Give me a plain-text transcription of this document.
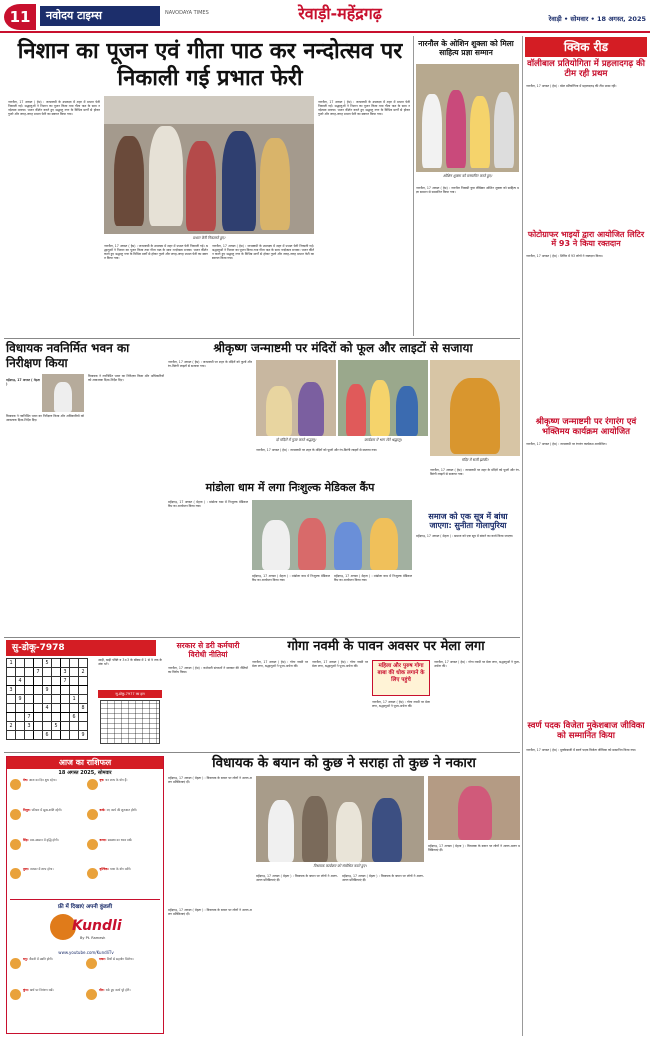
11	नवोदय टाइम्स	NAVODAYA TIMES	रेवाड़ी-महेंद्रगढ़	रेवाड़ी • सोमवार • 18 अगस्त, 2025
निशान का पूजन एवं गीता पाठ कर नन्दोत्सव पर निकाली गई प्रभात फेरी
नारनौल, 17 अगस्त ( हेप्र) : जन्माष्टमी के उपलक्ष्य में शहर में प्रभात फेरी निकाली गई। श्रद्धालुओं ने निशान का पूजन किया तथा गीता पाठ के साथ नन्दोत्सव मनाया। भजन कीर्तन करते हुए श्रद्धालु नगर के विभिन्न मार्गों से होकर गुजरे और जगह-जगह प्रभात फेरी का स्वागत किया गया।
प्रभात फेरी निकालते हुए।
नारनौल, 17 अगस्त ( हेप्र) : जन्माष्टमी के उपलक्ष्य में शहर में प्रभात फेरी निकाली गई। श्रद्धालुओं ने निशान का पूजन किया तथा गीता पाठ के साथ नन्दोत्सव मनाया। भजन कीर्तन करते हुए श्रद्धालु नगर के विभिन्न मार्गों से होकर गुजरे और जगह-जगह प्रभात फेरी का स्वागत किया गया।
नारनौल, 17 अगस्त ( हेप्र) : जन्माष्टमी के उपलक्ष्य में शहर में प्रभात फेरी निकाली गई। श्रद्धालुओं ने निशान का पूजन किया तथा गीता पाठ के साथ नन्दोत्सव मनाया। भजन कीर्तन करते हुए श्रद्धालु नगर के विभिन्न मार्गों से होकर गुजरे और जगह-जगह प्रभात फेरी का स्वागत किया गया।
नारनौल, 17 अगस्त ( हेप्र) : जन्माष्टमी के उपलक्ष्य में शहर में प्रभात फेरी निकाली गई। श्रद्धालुओं ने निशान का पूजन किया तथा गीता पाठ के साथ नन्दोत्सव मनाया। भजन कीर्तन करते हुए श्रद्धालु नगर के विभिन्न मार्गों से होकर गुजरे और जगह-जगह प्रभात फेरी का स्वागत किया गया।
नारनौल के ओशिन शुक्ला को मिला साहित्य प्रज्ञा सम्मान
ओशिन शुक्ला को सम्मानित करते हुए।
नारनौल, 17 अगस्त ( हेप्र) : नारनौल निवासी युवा लेखिका ओशिन शुक्ला को साहित्य प्रज्ञा सम्मान से सम्मानित किया गया।
क्विक रीड
वॉलीबाल प्रतियोगिता में प्रहलादगढ़ की टीम रही प्रथम
नारनौल, 17 अगस्त ( हेप्र) : खेल प्रतियोगिता में प्रहलादगढ़ की टीम प्रथम रही।
फोटोग्राफर भाइयों द्वारा आयोजित लिटिर में 93 ने किया रक्तदान
नारनौल, 17 अगस्त ( हेप्र) : शिविर में 93 लोगों ने रक्तदान किया।
श्रीकृष्ण जन्माष्टमी पर रंगारंग एवं भक्तिमय कार्यक्रम आयोजित
नारनौल, 17 अगस्त ( हेप्र) : जन्माष्टमी पर रंगारंग कार्यक्रम आयोजित।
स्वर्ण पदक विजेता मुकेशबाज जीविका को सम्मानित किया
नारनौल, 17 अगस्त ( हेप्र) : मुक्केबाजी में स्वर्ण पदक विजेता जीविका को सम्मानित किया गया।
विधायक नवनिर्मित भवन का निरीक्षण किया
महेंद्रगढ़, 17 अगस्त ( मेहता )
विधायक ने नवनिर्मित भवन का निरीक्षण किया और अधिकारियों को आवश्यक दिशा-निर्देश दिए।
विधायक ने नवनिर्मित भवन का निरीक्षण किया और अधिकारियों को आवश्यक दिशा-निर्देश दिए।
श्रीकृष्ण जन्माष्टमी पर मंदिरों को फूल और लाइटों से सजाया
नारनौल, 17 अगस्त ( हेप्र) : जन्माष्टमी पर शहर के मंदिरों को फूलों और रंग-बिरंगी लाइटों से सजाया गया।
दो मंदिरों में पूजा करते श्रद्धालु।	कार्यक्रम में भाग लेते श्रद्धालु।
मंदिर में सजी झांकी।
नारनौल, 17 अगस्त ( हेप्र) : जन्माष्टमी पर शहर के मंदिरों को फूलों और रंग-बिरंगी लाइटों से सजाया गया।
नारनौल, 17 अगस्त ( हेप्र) : जन्माष्टमी पर शहर के मंदिरों को फूलों और रंग-बिरंगी लाइटों से सजाया गया।
मांडोला धाम में लगा निःशुल्क मेडिकल कैंप
महेंद्रगढ़, 17 अगस्त ( मेहता ) : मांडोला धाम में निःशुल्क मेडिकल कैंप का आयोजन किया गया।
महेंद्रगढ़, 17 अगस्त ( मेहता ) : मांडोला धाम में निःशुल्क मेडिकल कैंप का आयोजन किया गया।
महेंद्रगढ़, 17 अगस्त ( मेहता ) : मांडोला धाम में निःशुल्क मेडिकल कैंप का आयोजन किया गया।
समाज को एक सूत्र में बांधा जाएगा: सुनीता गोलापुरिया
महेंद्रगढ़, 17 अगस्त ( मेहता ) : समाज को एक सूत्र में बांधने का कार्य किया जाएगा।
सु-डोकू-7978
1				5				
			7			3		2
	4					7		
3				9				
	9						1	
				4				8
		7					6	
2		3			5			
				6				9
आड़ी, खड़ी पंक्ति व 3×3 के बॉक्स में 1 से 9 तक के अंक भरें।
सु-डोकू-7977 का हल
सरकार से डरी कर्मचारी विरोधी नीतियां
नारनौल, 17 अगस्त ( हेप्र) : कर्मचारी संगठनों ने सरकार की नीतियों का विरोध किया।
गोगा नवमी के पावन अवसर पर मेला लगा
नारनौल, 17 अगस्त ( हेप्र) : गोगा नवमी पर मेला लगा, श्रद्धालुओं ने पूजा-अर्चना की।
नारनौल, 17 अगस्त ( हेप्र) : गोगा नवमी पर मेला लगा, श्रद्धालुओं ने पूजा-अर्चना की।	महिला और पुरुष गोगा बाबा की धोक लगाने के लिए पहुंचे
नारनौल, 17 अगस्त ( हेप्र) : गोगा नवमी पर मेला लगा, श्रद्धालुओं ने पूजा-अर्चना की।
नारनौल, 17 अगस्त ( हेप्र) : गोगा नवमी पर मेला लगा, श्रद्धालुओं ने पूजा-अर्चना की।
आज का राशिफल
18 अगस्त 2025, सोमवार
मेष: आज का दिन शुभ रहेगा।	वृष: धन लाभ के योग हैं।
मिथुन: परिवार में सुख-शांति रहेगी।	कर्क: नए कार्य की शुरुआत होगी।
सिंह: मान-सम्मान में वृद्धि होगी।	कन्या: स्वास्थ्य का ध्यान रखें।
तुला: व्यापार में लाभ होगा।	वृश्चिक: यात्रा के योग बनेंगे।
फ्री में दिखाएं अपनी कुंडली
Kundli
By Pt. Ramesh
www.youtube.com/KundliTv
धनु: नौकरी में उन्नति होगी।	मकर: मित्रों से सहयोग मिलेगा।
कुंभ: खर्च पर नियंत्रण रखें।	मीन: रुके हुए कार्य पूरे होंगे।
विधायक के बयान को कुछ ने सराहा तो कुछ ने नकारा
महेंद्रगढ़, 17 अगस्त ( मेहता ) : विधायक के बयान पर लोगों ने अलग-अलग प्रतिक्रियाएं दीं।
विधायक कार्यक्रम को संबोधित करते हुए।
महेंद्रगढ़, 17 अगस्त ( मेहता ) : विधायक के बयान पर लोगों ने अलग-अलग प्रतिक्रियाएं दीं।
महेंद्रगढ़, 17 अगस्त ( मेहता ) : विधायक के बयान पर लोगों ने अलग-अलग प्रतिक्रियाएं दीं।
महेंद्रगढ़, 17 अगस्त ( मेहता ) : विधायक के बयान पर लोगों ने अलग-अलग प्रतिक्रियाएं दीं।
महेंद्रगढ़, 17 अगस्त ( मेहता ) : विधायक के बयान पर लोगों ने अलग-अलग प्रतिक्रियाएं दीं।
